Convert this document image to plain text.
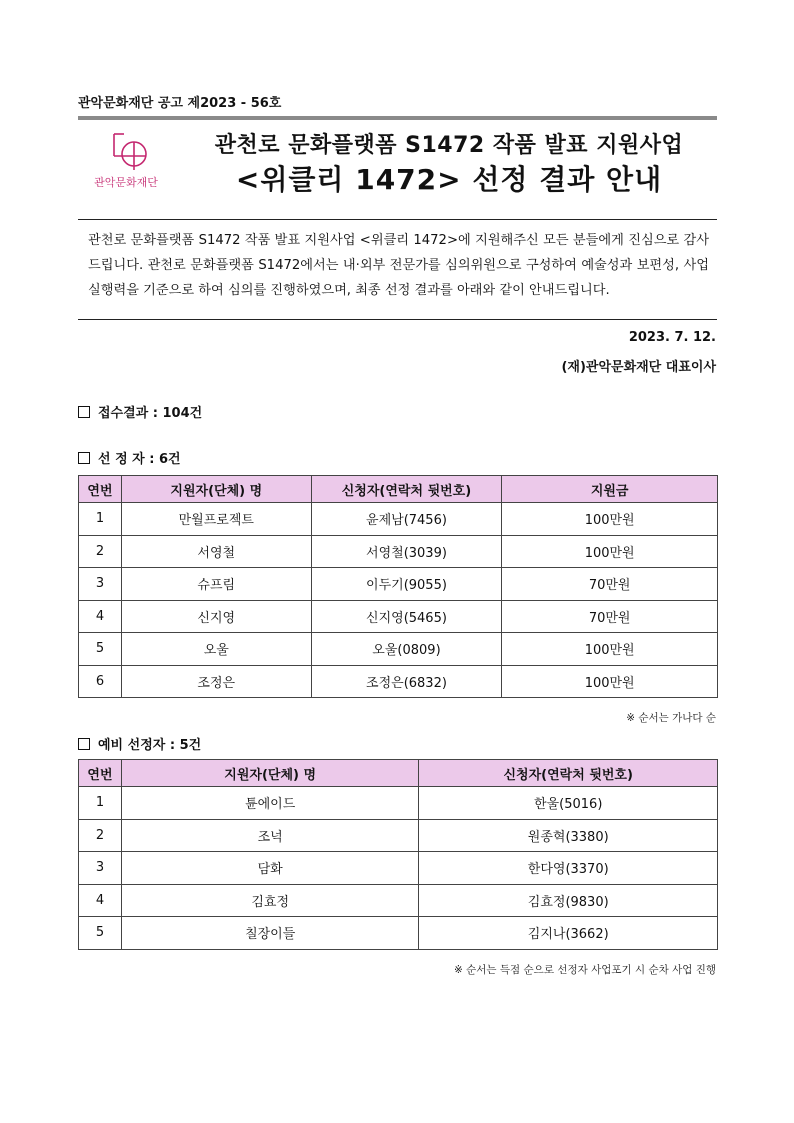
관악문화재단 공고 제2023 - 56호
관악문화재단
관천로 문화플랫폼 S1472 작품 발표 지원사업
<위클리 1472> 선정 결과 안내

관천로 문화플랫폼 S1472 작품 발표 지원사업 <위클리 1472>에 지원해주신 모든 분들에게 진심으로 감사드립니다. 관천로 문화플랫폼 S1472에서는 내·외부 전문가를 심의위원으로 구성하여 예술성과 보편성, 사업실행력을 기준으로 하여 심의를 진행하였으며, 최종 선정 결과를 아래와 같이 안내드립니다.

2023. 7. 12.
(재)관악문화재단 대표이사
접수결과 : 104건
선 정 자 : 6건
연번	지원자(단체) 명	신청자(연락처 뒷번호)	지원금
1	만월프로젝트	윤제남(7456)	100만원
2	서영철	서영철(3039)	100만원
3	슈프림	이두기(9055)	70만원
4	신지영	신지영(5465)	70만원
5	오울	오울(0809)	100만원
6	조정은	조정은(6832)	100만원
※ 순서는 가나다 순
예비 선정자 : 5건
연번	지원자(단체) 명	신청자(연락처 뒷번호)
1	튠에이드	한울(5016)
2	조넉	원종혁(3380)
3	담화	한다영(3370)
4	김효정	김효정(9830)
5	칠장이들	김지나(3662)
※ 순서는 득점 순으로 선정자 사업포기 시 순차 사업 진행
